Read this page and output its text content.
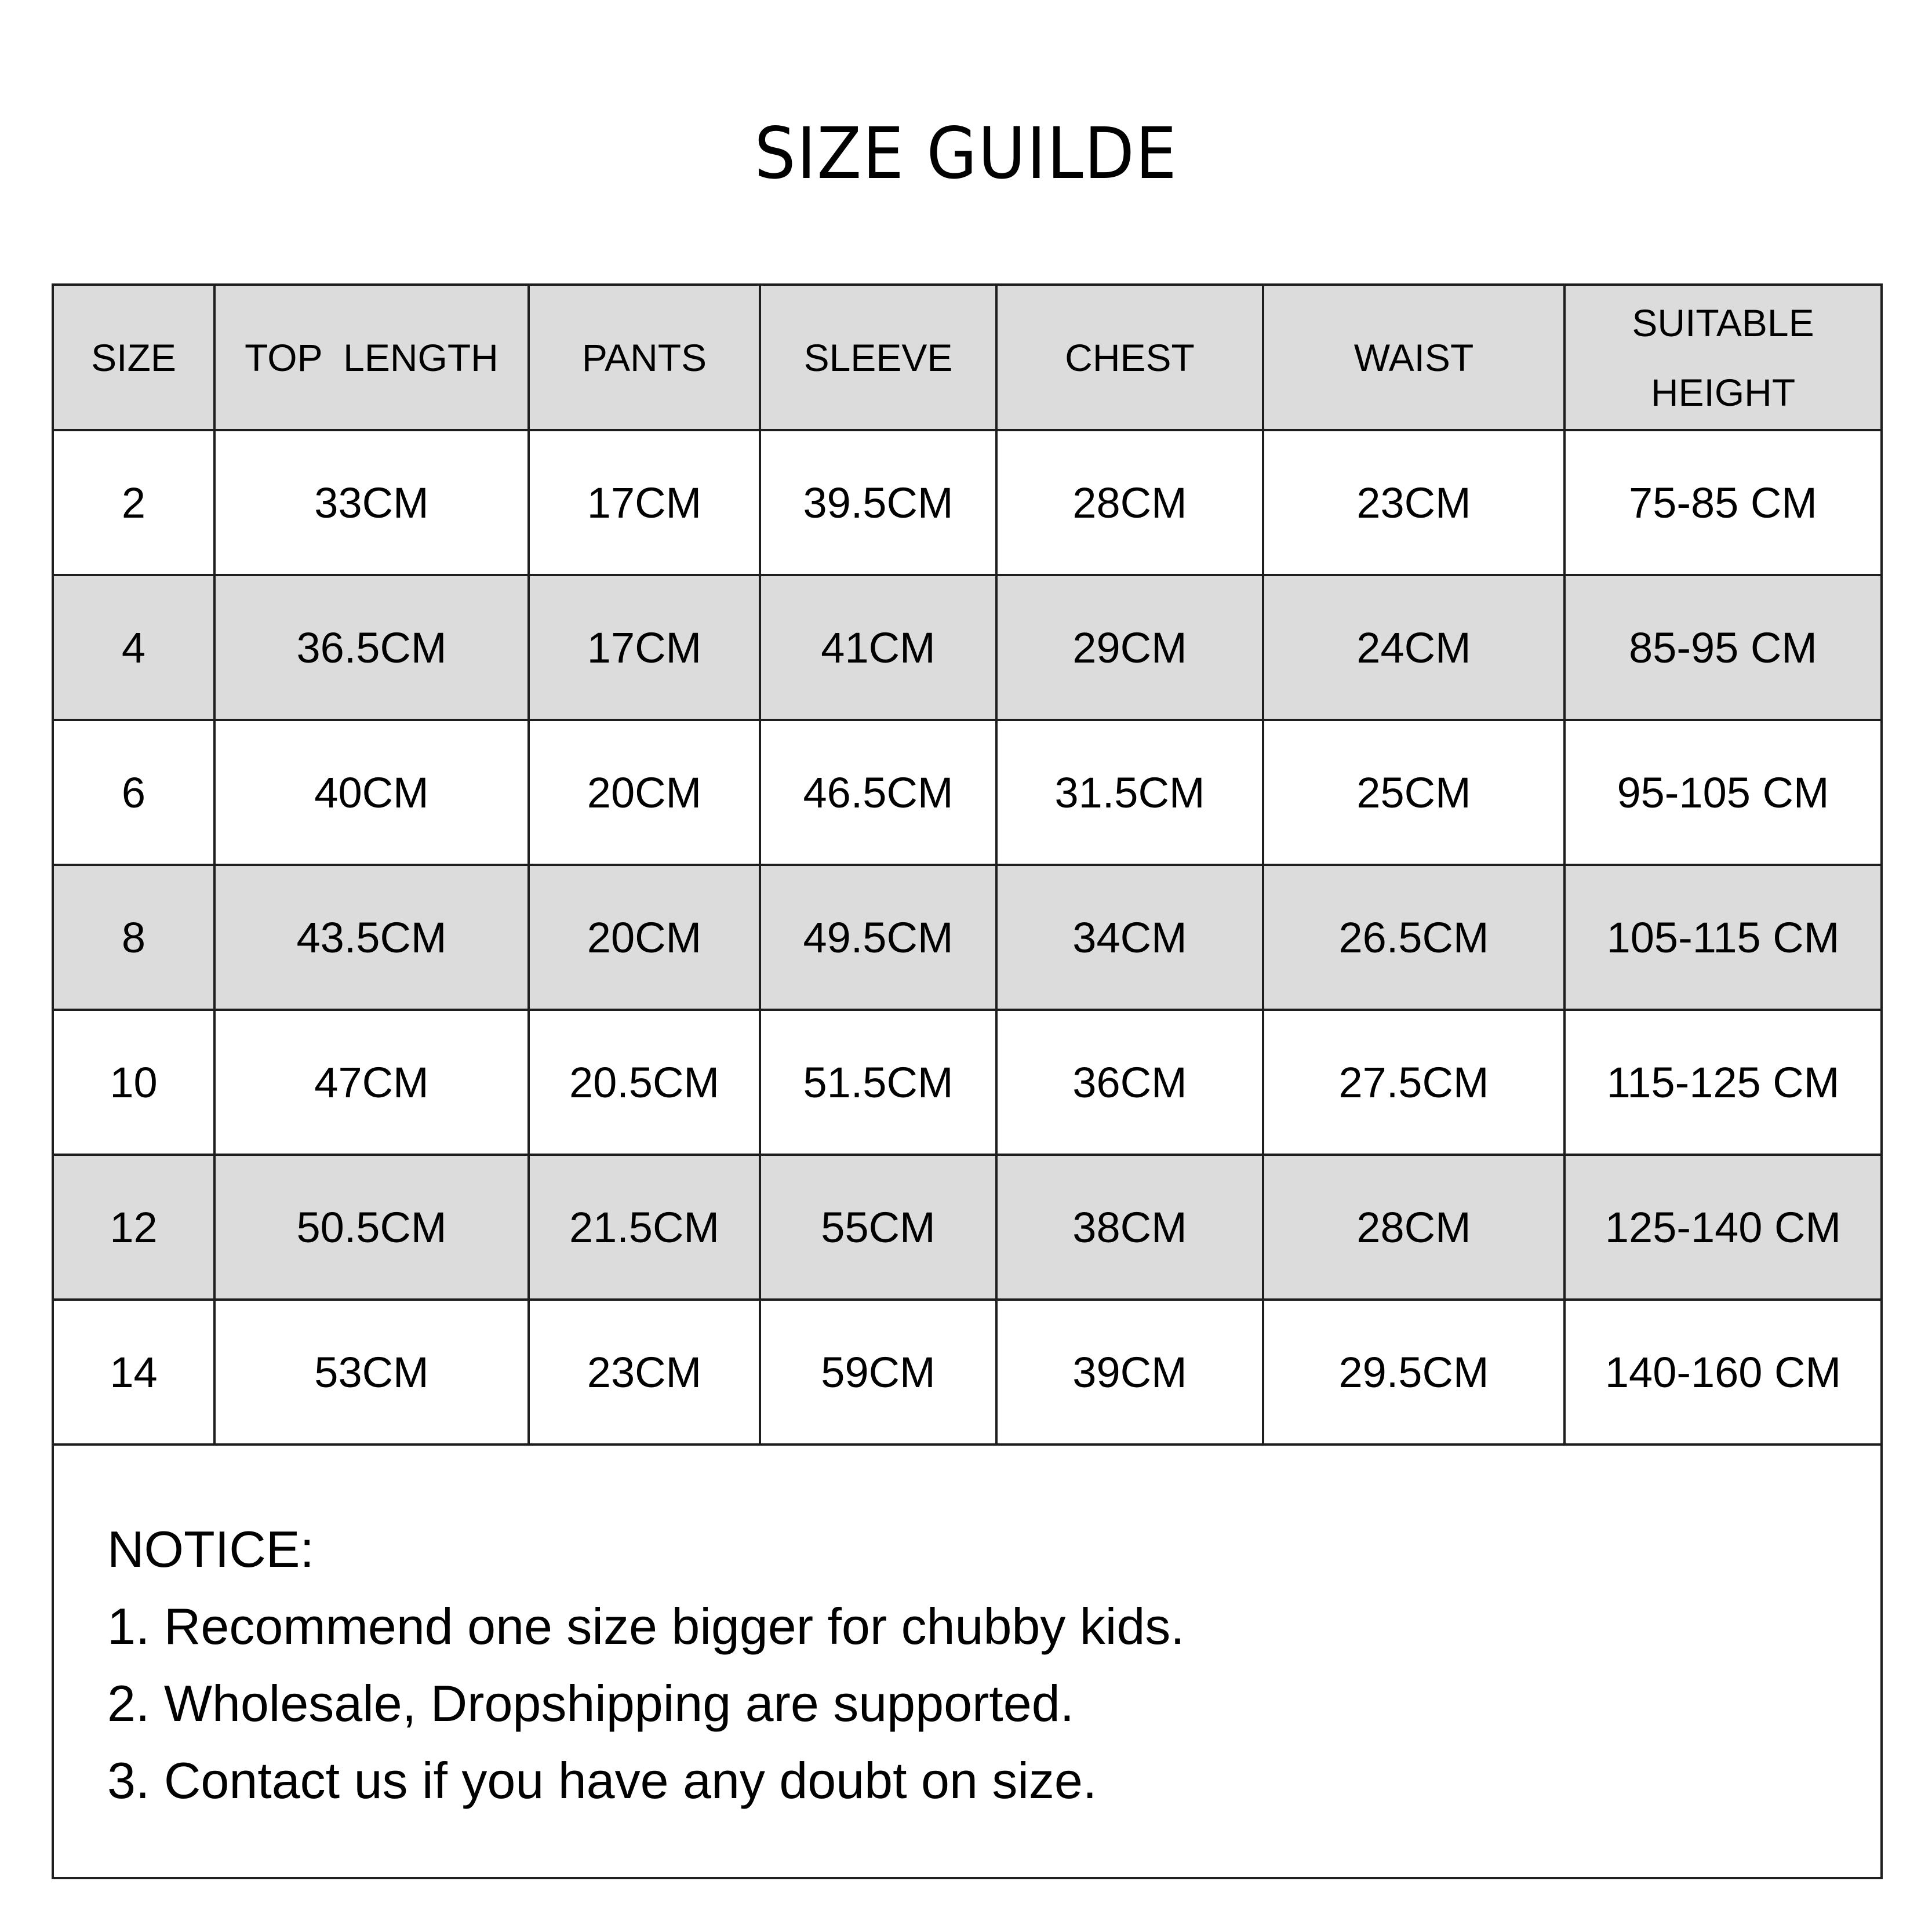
SIZE GUILDE
SIZE	TOP  LENGTH	PANTS	SLEEVE	CHEST	WAIST	SUITABLE
HEIGHT

2	33CM	17CM	39.5CM	28CM	23CM	75-85 CM
4	36.5CM	17CM	41CM	29CM	24CM	85-95 CM
6	40CM	20CM	46.5CM	31.5CM	25CM	95-105 CM
8	43.5CM	20CM	49.5CM	34CM	26.5CM	105-115 CM
10	47CM	20.5CM	51.5CM	36CM	27.5CM	115-125 CM
12	50.5CM	21.5CM	55CM	38CM	28CM	125-140 CM
14	53CM	23CM	59CM	39CM	29.5CM	140-160 CM
NOTICE:
1. Recommend one size bigger for chubby kids.
2. Wholesale, Dropshipping are supported.
3. Contact us if you have any doubt on size.
